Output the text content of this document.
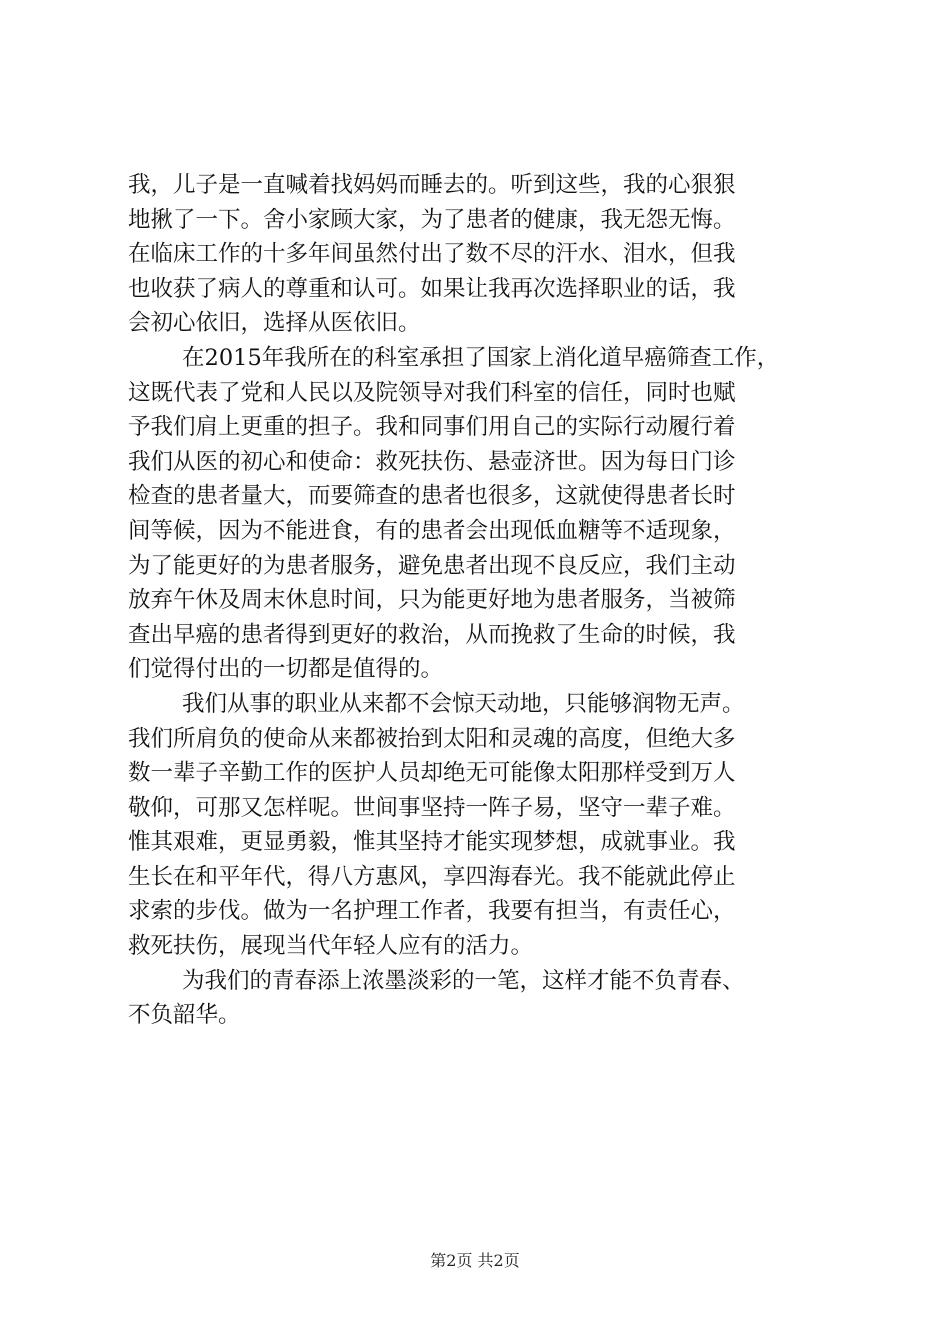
我，儿子是一直喊着找妈妈而睡去的。听到这些，我的心狠狠
地揪了一下。舍小家顾大家，为了患者的健康，我无怨无悔。
在临床工作的十多年间虽然付出了数不尽的汗水、泪水，但我
也收获了病人的尊重和认可。如果让我再次选择职业的话，我
会初心依旧，选择从医依旧。
在2015年我所在的科室承担了国家上消化道早癌筛查工作，
这既代表了党和人民以及院领导对我们科室的信任，同时也赋
予我们肩上更重的担子。我和同事们用自己的实际行动履行着
我们从医的初心和使命：救死扶伤、悬壶济世。因为每日门诊
检查的患者量大，而要筛查的患者也很多，这就使得患者长时
间等候，因为不能进食，有的患者会出现低血糖等不适现象，
为了能更好的为患者服务，避免患者出现不良反应，我们主动
放弃午休及周末休息时间，只为能更好地为患者服务，当被筛
查出早癌的患者得到更好的救治，从而挽救了生命的时候，我
们觉得付出的一切都是值得的。
我们从事的职业从来都不会惊天动地，只能够润物无声。
我们所肩负的使命从来都被抬到太阳和灵魂的高度，但绝大多
数一辈子辛勤工作的医护人员却绝无可能像太阳那样受到万人
敬仰，可那又怎样呢。世间事坚持一阵子易，坚守一辈子难。
惟其艰难，更显勇毅，惟其坚持才能实现梦想，成就事业。我
生长在和平年代，得八方惠风，享四海春光。我不能就此停止
求索的步伐。做为一名护理工作者，我要有担当，有责任心，
救死扶伤，展现当代年轻人应有的活力。
为我们的青春添上浓墨淡彩的一笔，这样才能不负青春、
不负韶华。
第2页 共2页
